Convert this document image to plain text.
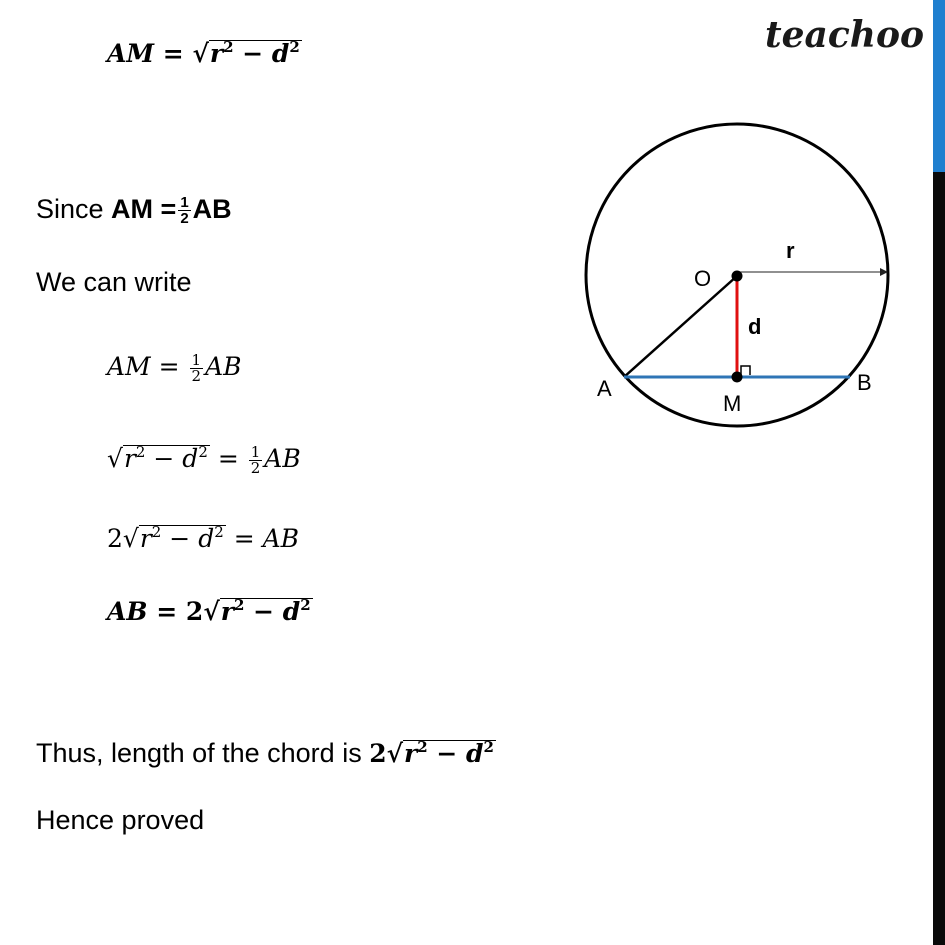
teachoo
AM = $√r^2 - d^2$
Since AM = $\frac{1}{2}$ AB
We can write
AM = $\frac{1}{2}$ AB
$√r^2 - d^2 = \frac{1}{2}$ AB
$2√r^2 - d^2$ = AB
AB = $2√r^2 - d^2$
Thus, length of the chord is $2√r^2 - d^2$
Hence proved
O
A	B
M
r
d
